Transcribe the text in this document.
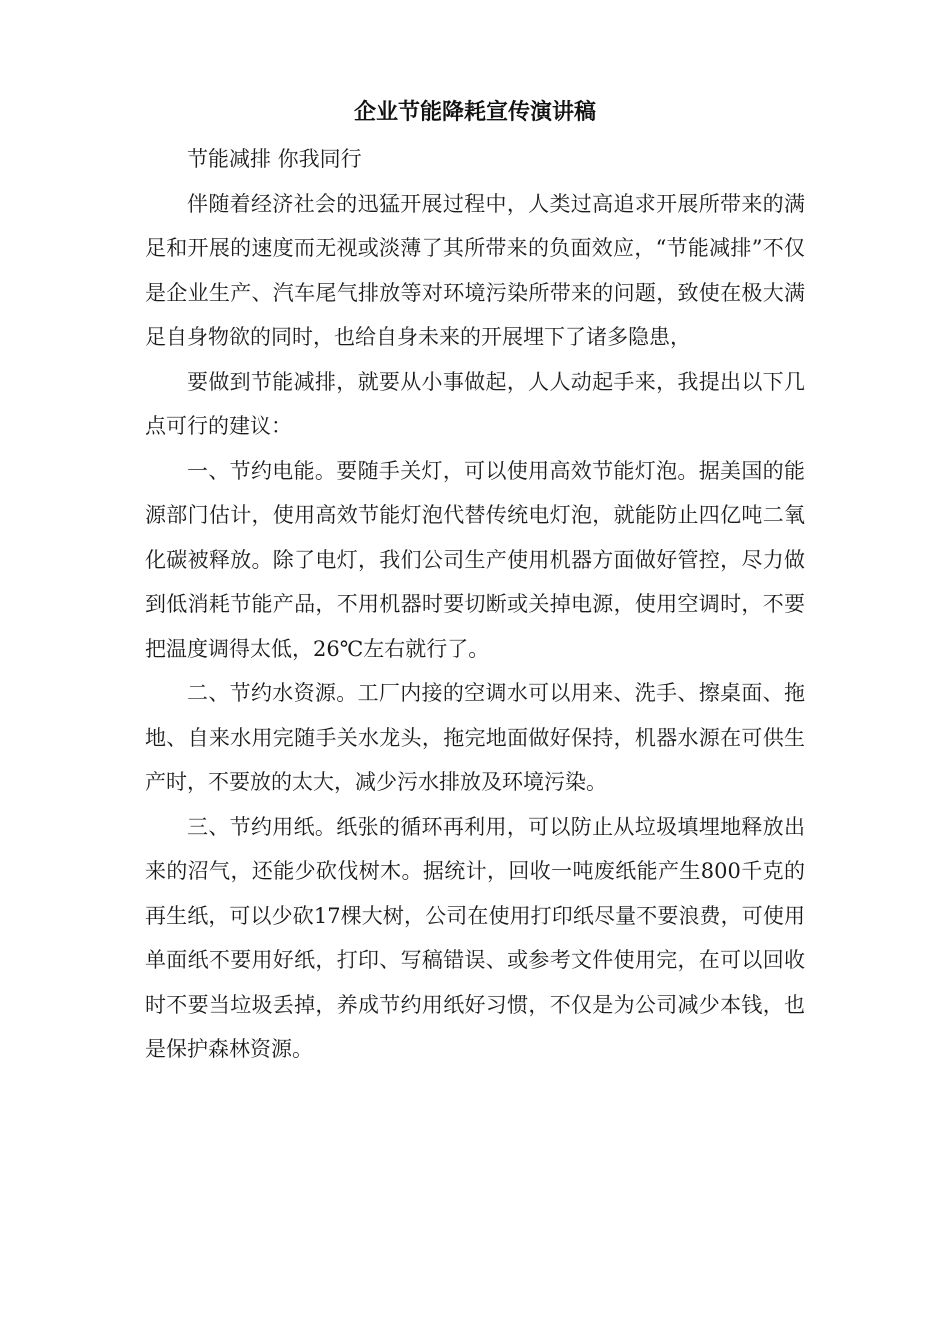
企业节能降耗宣传演讲稿

节能减排 你我同行

伴随着经济社会的迅猛开展过程中，人类过高追求开展所带来的满足和开展的速度而无视或淡薄了其所带来的负面效应，“节能减排”不仅是企业生产、汽车尾气排放等对环境污染所带来的问题，致使在极大满足自身物欲的同时，也给自身未来的开展埋下了诸多隐患，

要做到节能减排，就要从小事做起，人人动起手来，我提出以下几点可行的建议：

一、节约电能。要随手关灯，可以使用高效节能灯泡。据美国的能源部门估计，使用高效节能灯泡代替传统电灯泡，就能防止四亿吨二氧化碳被释放。除了电灯，我们公司生产使用机器方面做好管控，尽力做到低消耗节能产品，不用机器时要切断或关掉电源，使用空调时，不要把温度调得太低，26℃左右就行了。

二、节约水资源。工厂内接的空调水可以用来、洗手、擦桌面、拖地、自来水用完随手关水龙头，拖完地面做好保持，机器水源在可供生产时，不要放的太大，减少污水排放及环境污染。

三、节约用纸。纸张的循环再利用，可以防止从垃圾填埋地释放出来的沼气，还能少砍伐树木。据统计，回收一吨废纸能产生800千克的再生纸，可以少砍17棵大树，公司在使用打印纸尽量不要浪费，可使用单面纸不要用好纸，打印、写稿错误、或参考文件使用完，在可以回收时不要当垃圾丢掉，养成节约用纸好习惯，不仅是为公司减少本钱，也是保护森林资源。
